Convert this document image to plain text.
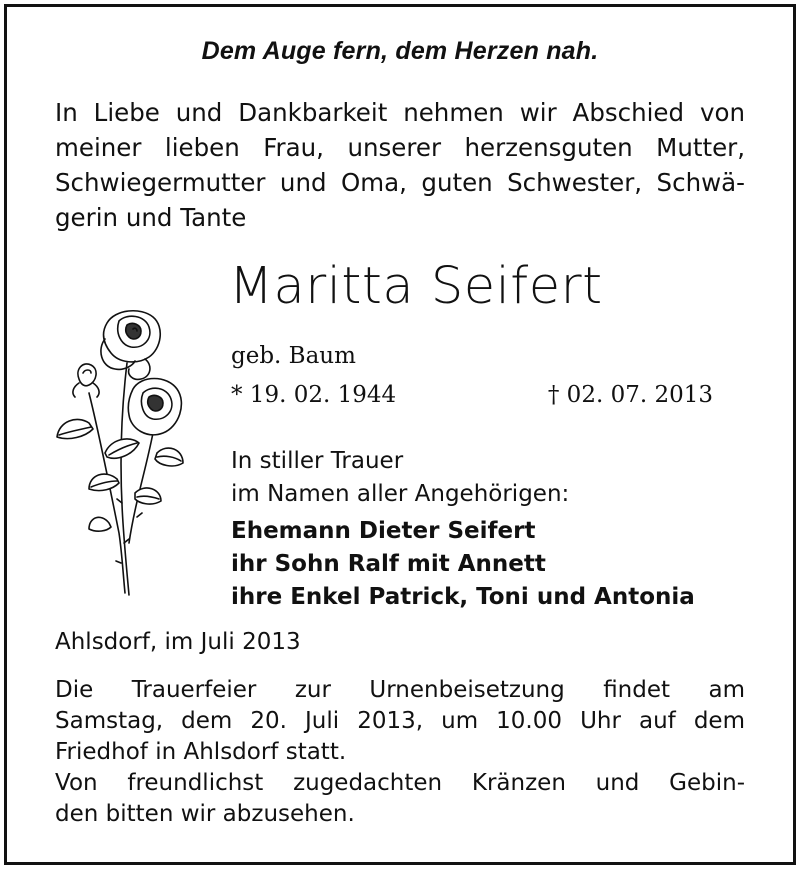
Dem Auge fern, dem Herzen nah.
In Liebe und Dankbarkeit nehmen wir Abschied von
meiner lieben Frau, unserer herzensguten Mutter,
Schwiegermutter und Oma, guten Schwester, Schwä-
gerin und Tante
Maritta Seifert
geb. Baum
* 19. 02. 1944	† 02. 07. 2013
In stiller Trauer
im Namen aller Angehörigen:
Ehemann Dieter Seifert
ihr Sohn Ralf mit Annett
ihre Enkel Patrick, Toni und Antonia
Ahlsdorf, im Juli 2013
Die Trauerfeier zur Urnenbeisetzung findet am
Samstag, dem 20. Juli 2013, um 10.00 Uhr auf dem
Friedhof in Ahlsdorf statt.
Von freundlichst zugedachten Kränzen und Gebin-
den bitten wir abzusehen.
